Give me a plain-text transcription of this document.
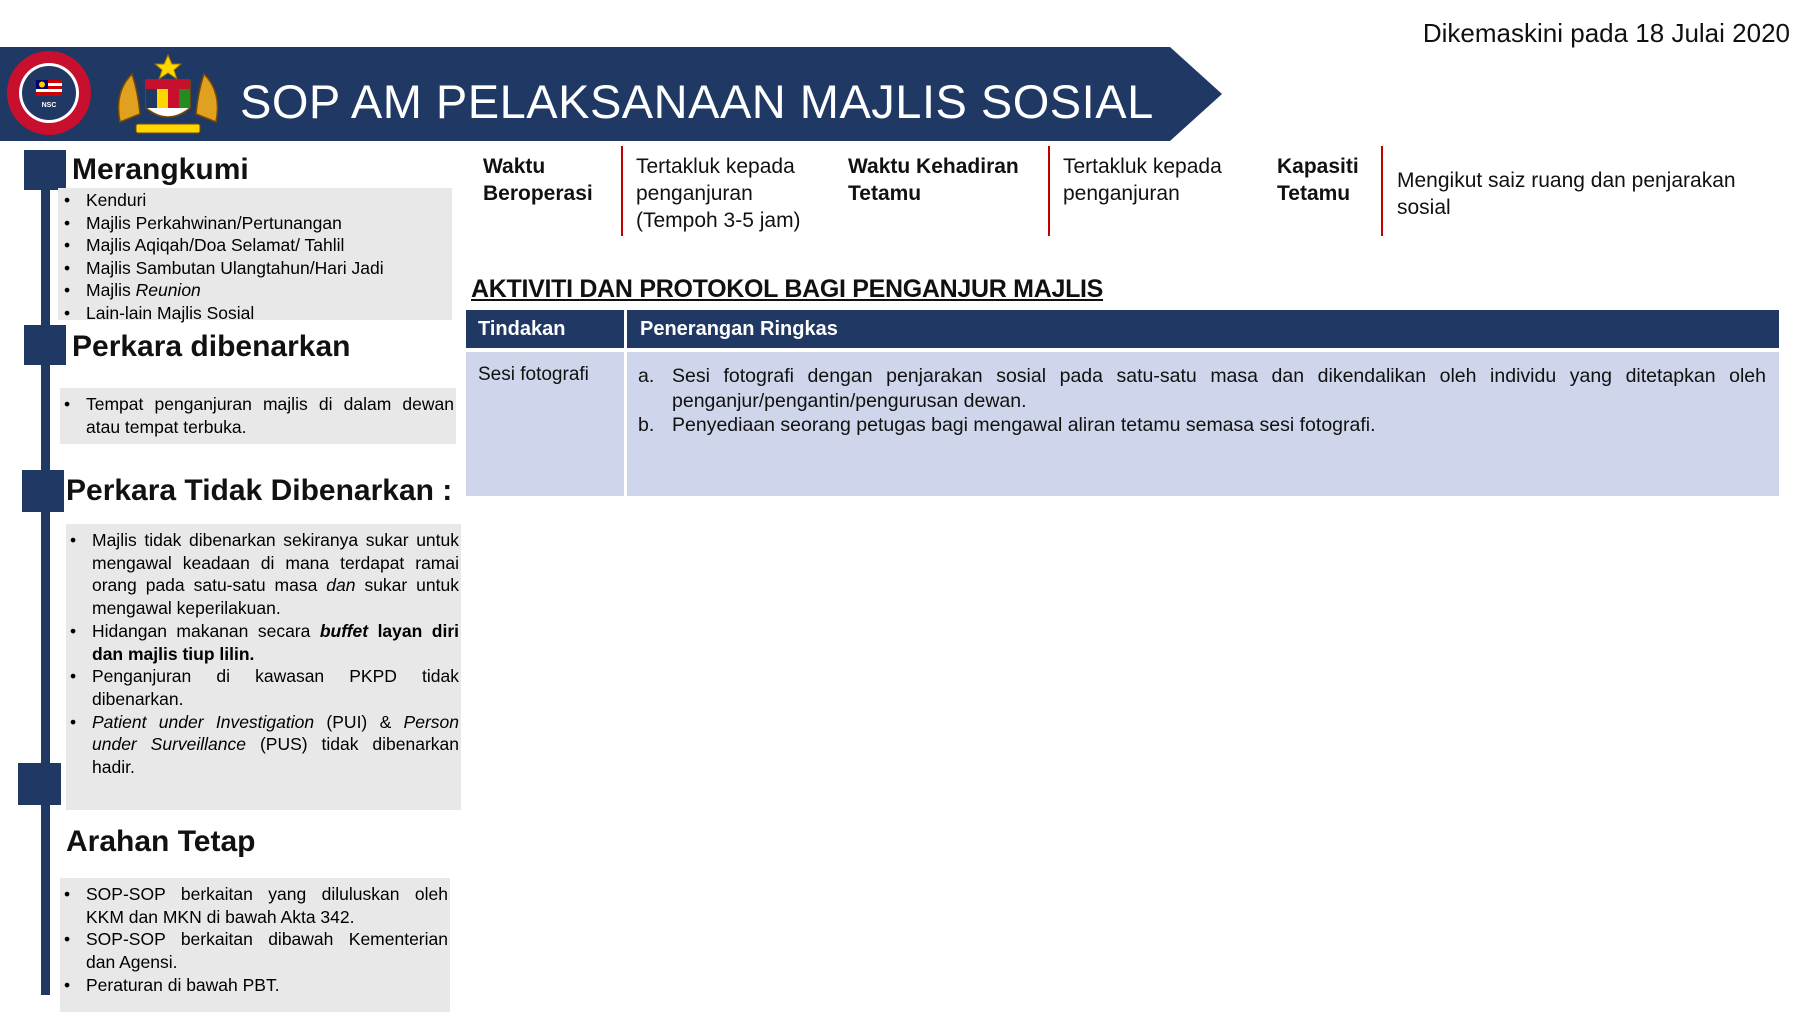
Dikemaskini pada 18 Julai 2020
NSC	SOP AM PELAKSANAAN MAJLIS SOSIAL
Merangkumi
• Kenduri
• Majlis Perkahwinan/Pertunangan
• Majlis Aqiqah/Doa Selamat/ Tahlil
• Majlis Sambutan Ulangtahun/Hari Jadi
• Majlis Reunion
• Lain-lain Majlis Sosial
Perkara dibenarkan
• Tempat penganjuran majlis di dalam dewan atau tempat terbuka.
Perkara Tidak Dibenarkan :
• Majlis tidak dibenarkan sekiranya sukar untuk mengawal keadaan di mana terdapat ramai orang pada satu-satu masa dan sukar untuk mengawal keperilakuan.
• Hidangan makanan secara buffet layan diri dan majlis tiup lilin.
• Penganjuran di kawasan PKPD tidak dibenarkan.
• Patient under Investigation (PUI) & Person under Surveillance (PUS) tidak dibenarkan hadir.
Arahan Tetap
• SOP-SOP berkaitan yang diluluskan oleh KKM dan MKN di bawah Akta 342.
• SOP-SOP berkaitan dibawah Kementerian dan Agensi.
• Peraturan di bawah PBT.
Waktu Beroperasi
Tertakluk kepada penganjuran (Tempoh 3-5 jam)
Waktu Kehadiran Tetamu
Tertakluk kepada penganjuran
Kapasiti Tetamu
Mengikut saiz ruang dan penjarakan sosial
AKTIVITI DAN PROTOKOL BAGI PENGANJUR MAJLIS
Tindakan	Penerangan Ringkas
Sesi fotografi	a. Sesi fotografi dengan penjarakan sosial pada satu-satu masa dan dikendalikan oleh individu yang ditetapkan oleh penganjur/pengantin/pengurusan dewan.
b. Penyediaan seorang petugas bagi mengawal aliran tetamu semasa sesi fotografi.
